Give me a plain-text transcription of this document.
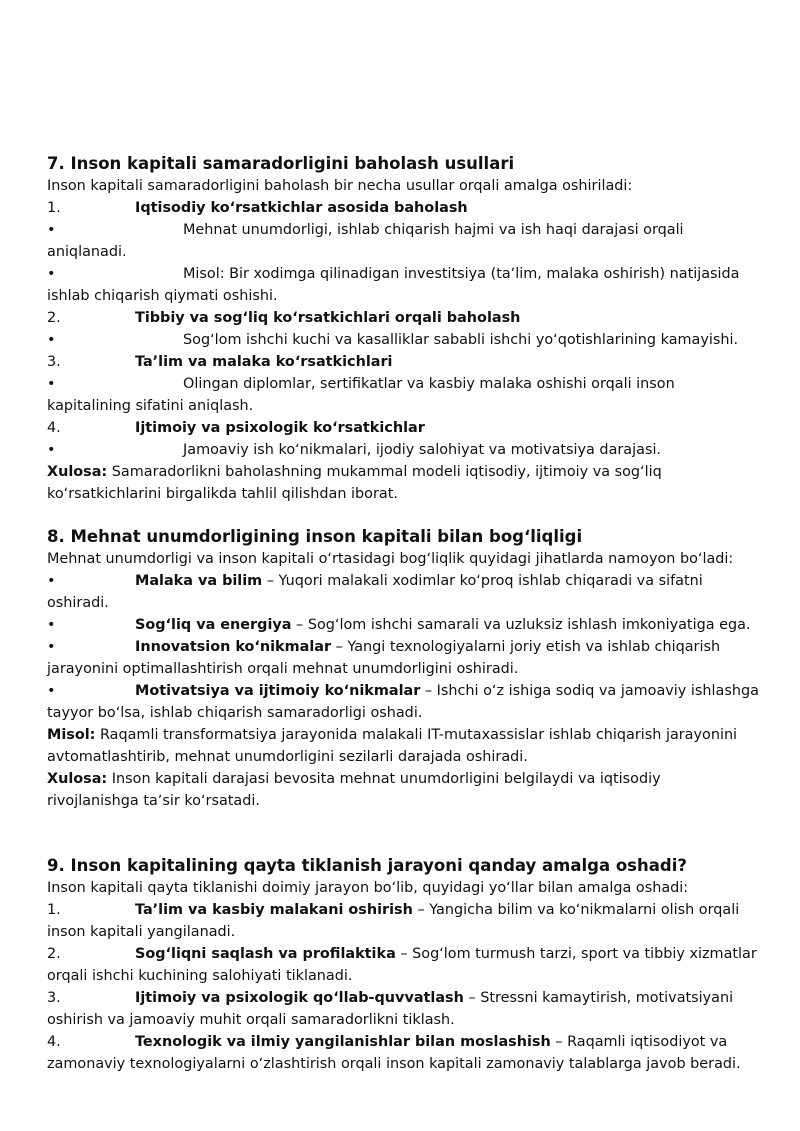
7. Inson kapitali samaradorligini baholash usullari

Inson kapitali samaradorligini baholash bir necha usullar orqali amalga oshiriladi:

1.	Iqtisodiy koʻrsatkichlar asosida baholash
•	Mehnat unumdorligi, ishlab chiqarish hajmi va ish haqi darajasi orqali
aniqlanadi.
•	Misol: Bir xodimga qilinadigan investitsiya (taʼlim, malaka oshirish) natijasida
ishlab chiqarish qiymati oshishi.
2.	Tibbiy va sogʻliq koʻrsatkichlari orqali baholash
•	Sogʻlom ishchi kuchi va kasalliklar sababli ishchi yoʻqotishlarining kamayishi.
3.	Taʼlim va malaka koʻrsatkichlari
•	Olingan diplomlar, sertifikatlar va kasbiy malaka oshishi orqali inson
kapitalining sifatini aniqlash.
4.	Ijtimoiy va psixologik koʻrsatkichlar
•	Jamoaviy ish koʻnikmalari, ijodiy salohiyat va motivatsiya darajasi.

Xulosa: Samaradorlikni baholashning mukammal modeli iqtisodiy, ijtimoiy va sogʻliq

koʻrsatkichlarini birgalikda tahlil qilishdan iborat.

8. Mehnat unumdorligining inson kapitali bilan bogʻliqligi

Mehnat unumdorligi va inson kapitali oʻrtasidagi bogʻliqlik quyidagi jihatlarda namoyon boʻladi:

•	Malaka va bilim – Yuqori malakali xodimlar koʻproq ishlab chiqaradi va sifatni
oshiradi.
•	Sogʻliq va energiya – Sogʻlom ishchi samarali va uzluksiz ishlash imkoniyatiga ega.
•	Innovatsion koʻnikmalar – Yangi texnologiyalarni joriy etish va ishlab chiqarish
jarayonini optimallashtirish orqali mehnat unumdorligini oshiradi.
•	Motivatsiya va ijtimoiy koʻnikmalar – Ishchi oʻz ishiga sodiq va jamoaviy ishlashga
tayyor boʻlsa, ishlab chiqarish samaradorligi oshadi.

Misol: Raqamli transformatsiya jarayonida malakali IT-mutaxassislar ishlab chiqarish jarayonini

avtomatlashtirib, mehnat unumdorligini sezilarli darajada oshiradi.

Xulosa: Inson kapitali darajasi bevosita mehnat unumdorligini belgilaydi va iqtisodiy

rivojlanishga taʼsir koʻrsatadi.

9. Inson kapitalining qayta tiklanish jarayoni qanday amalga oshadi?

Inson kapitali qayta tiklanishi doimiy jarayon boʻlib, quyidagi yoʻllar bilan amalga oshadi:

1.	Taʼlim va kasbiy malakani oshirish – Yangicha bilim va koʻnikmalarni olish orqali
inson kapitali yangilanadi.
2.	Sogʻliqni saqlash va profilaktika – Sogʻlom turmush tarzi, sport va tibbiy xizmatlar
orqali ishchi kuchining salohiyati tiklanadi.
3.	Ijtimoiy va psixologik qoʻllab-quvvatlash – Stressni kamaytirish, motivatsiyani
oshirish va jamoaviy muhit orqali samaradorlikni tiklash.
4.	Texnologik va ilmiy yangilanishlar bilan moslashish – Raqamli iqtisodiyot va
zamonaviy texnologiyalarni oʻzlashtirish orqali inson kapitali zamonaviy talablarga javob beradi.
